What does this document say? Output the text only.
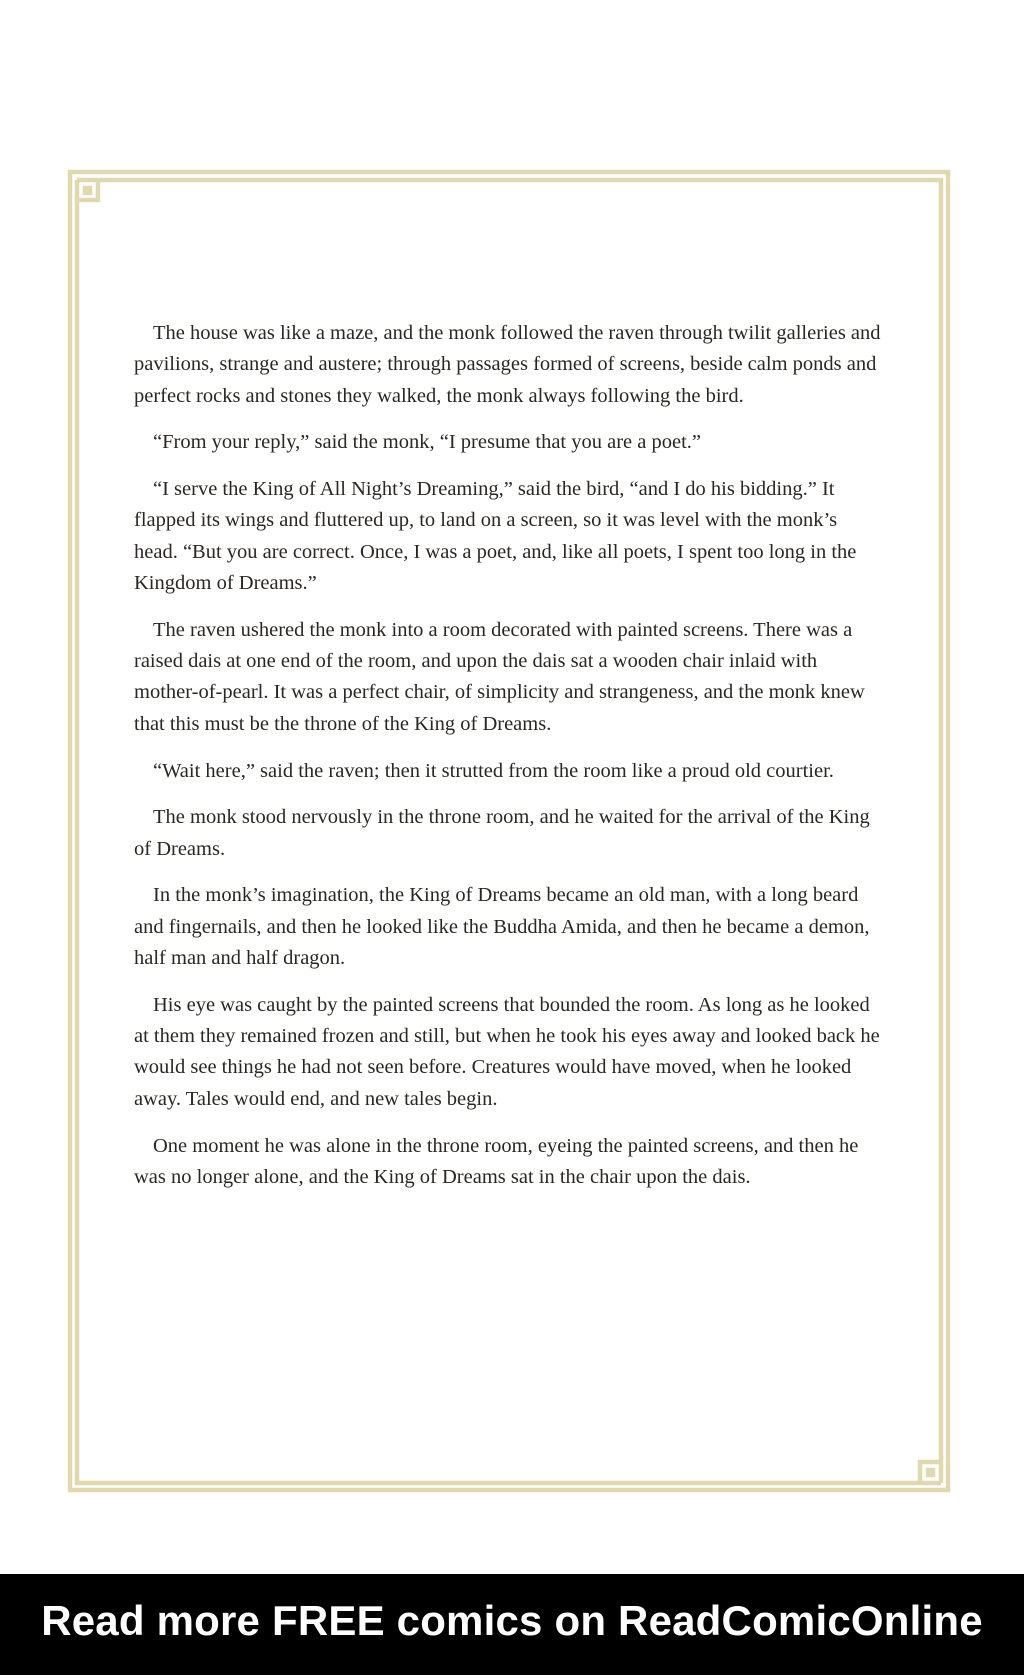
The house was like a maze, and the monk followed the raven through twilit galleries and pavilions, strange and austere; through passages formed of screens, beside calm ponds and perfect rocks and stones they walked, the monk always following the bird.

“From your reply,” said the monk, “I presume that you are a poet.”

“I serve the King of All Night’s Dreaming,” said the bird, “and I do his bidding.” It flapped its wings and fluttered up, to land on a screen, so it was level with the monk’s head. “But you are correct. Once, I was a poet, and, like all poets, I spent too long in the Kingdom of Dreams.”

The raven ushered the monk into a room decorated with painted screens. There was a raised dais at one end of the room, and upon the dais sat a wooden chair inlaid with mother-of-pearl. It was a perfect chair, of simplicity and strangeness, and the monk knew that this must be the throne of the King of Dreams.

“Wait here,” said the raven; then it strutted from the room like a proud old courtier.

The monk stood nervously in the throne room, and he waited for the arrival of the King of Dreams.

In the monk’s imagination, the King of Dreams became an old man, with a long beard and fingernails, and then he looked like the Buddha Amida, and then he became a demon, half man and half dragon.

His eye was caught by the painted screens that bounded the room. As long as he looked at them they remained frozen and still, but when he took his eyes away and looked back he would see things he had not seen before. Creatures would have moved, when he looked away. Tales would end, and new tales begin.

One moment he was alone in the throne room, eyeing the painted screens, and then he was no longer alone, and the King of Dreams sat in the chair upon the dais.

Read more FREE comics on ReadComicOnline
